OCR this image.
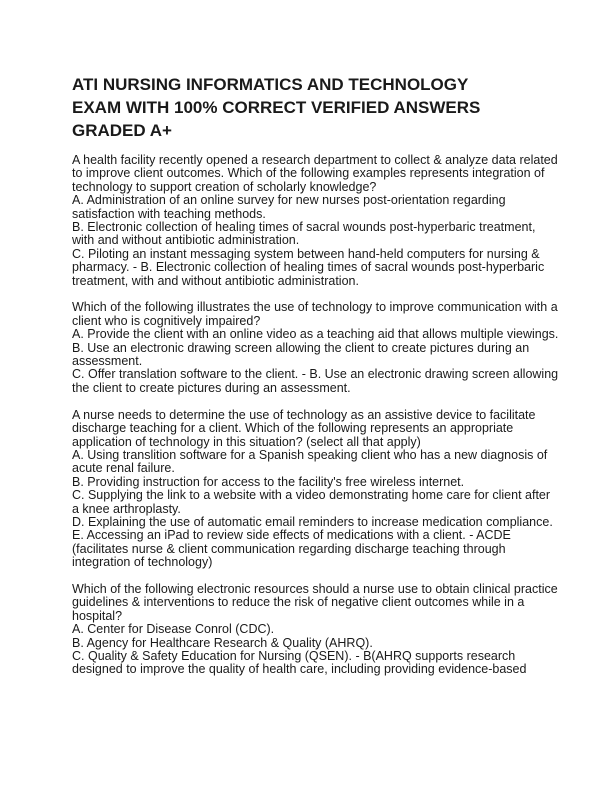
ATI NURSING INFORMATICS AND TECHNOLOGY
EXAM WITH 100% CORRECT VERIFIED ANSWERS
GRADED A+
A health facility recently opened a research department to collect & analyze data related
to improve client outcomes. Which of the following examples represents integration of
technology to support creation of scholarly knowledge?
A. Administration of an online survey for new nurses post-orientation regarding
satisfaction with teaching methods.
B. Electronic collection of healing times of sacral wounds post-hyperbaric treatment,
with and without antibiotic administration.
C. Piloting an instant messaging system between hand-held computers for nursing &
pharmacy. - B. Electronic collection of healing times of sacral wounds post-hyperbaric
treatment, with and without antibiotic administration.
Which of the following illustrates the use of technology to improve communication with a
client who is cognitively impaired?
A. Provide the client with an online video as a teaching aid that allows multiple viewings.
B. Use an electronic drawing screen allowing the client to create pictures during an
assessment.
C. Offer translation software to the client. - B. Use an electronic drawing screen allowing
the client to create pictures during an assessment.
A nurse needs to determine the use of technology as an assistive device to facilitate
discharge teaching for a client. Which of the following represents an appropriate
application of technology in this situation? (select all that apply)
A. Using translition software for a Spanish speaking client who has a new diagnosis of
acute renal failure.
B. Providing instruction for access to the facility's free wireless internet.
C. Supplying the link to a website with a video demonstrating home care for client after
a knee arthroplasty.
D. Explaining the use of automatic email reminders to increase medication compliance.
E. Accessing an iPad to review side effects of medications with a client. - ACDE
(facilitates nurse & client communication regarding discharge teaching through
integration of technology)
Which of the following electronic resources should a nurse use to obtain clinical practice
guidelines & interventions to reduce the risk of negative client outcomes while in a
hospital?
A. Center for Disease Conrol (CDC).
B. Agency for Healthcare Research & Quality (AHRQ).
C. Quality & Safety Education for Nursing (QSEN). - B(AHRQ supports research
designed to improve the quality of health care, including providing evidence-based
